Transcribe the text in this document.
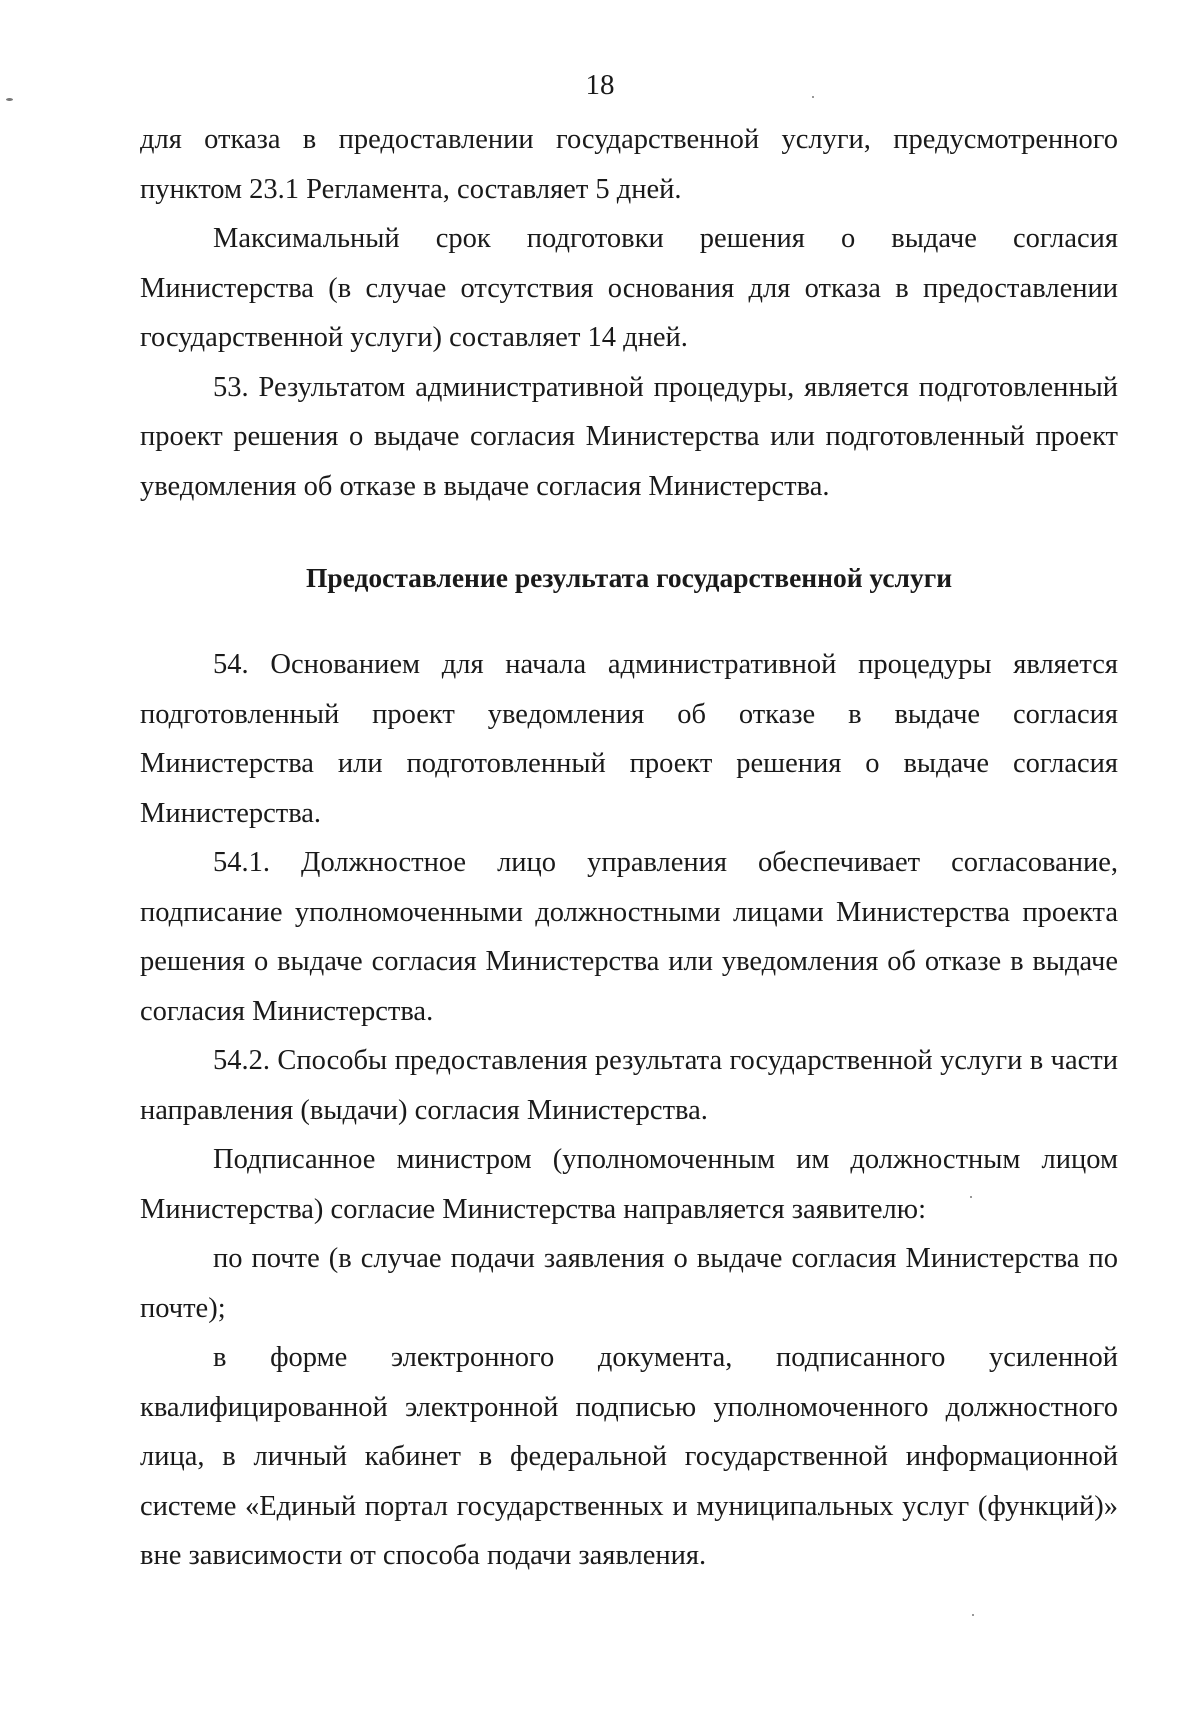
18

для отказа в предоставлении государственной услуги, предусмотренного пунктом 23.1 Регламента, составляет 5 дней.

Максимальный срок подготовки решения о выдаче согласия Министерства (в случае отсутствия основания для отказа в предоставлении государственной услуги) составляет 14 дней.

53. Результатом административной процедуры, является подготовленный проект решения о выдаче согласия Министерства или подготовленный проект уведомления об отказе в выдаче согласия Министерства.

Предоставление результата государственной услуги

54. Основанием для начала административной процедуры является подготовленный проект уведомления об отказе в выдаче согласия Министерства или подготовленный проект решения о выдаче согласия Министерства.

54.1. Должностное лицо управления обеспечивает согласование, подписание уполномоченными должностными лицами Министерства проекта решения о выдаче согласия Министерства или уведомления об отказе в выдаче согласия Министерства.

54.2. Способы предоставления результата государственной услуги в части направления (выдачи) согласия Министерства.

Подписанное министром (уполномоченным им должностным лицом Министерства) согласие Министерства направляется заявителю:

по почте (в случае подачи заявления о выдаче согласия Министерства по почте);

в форме электронного документа, подписанного усиленной квалифицированной электронной подписью уполномоченного должностного лица, в личный кабинет в федеральной государственной информационной системе «Единый портал государственных и муниципальных услуг (функций)» вне зависимости от способа подачи заявления.
